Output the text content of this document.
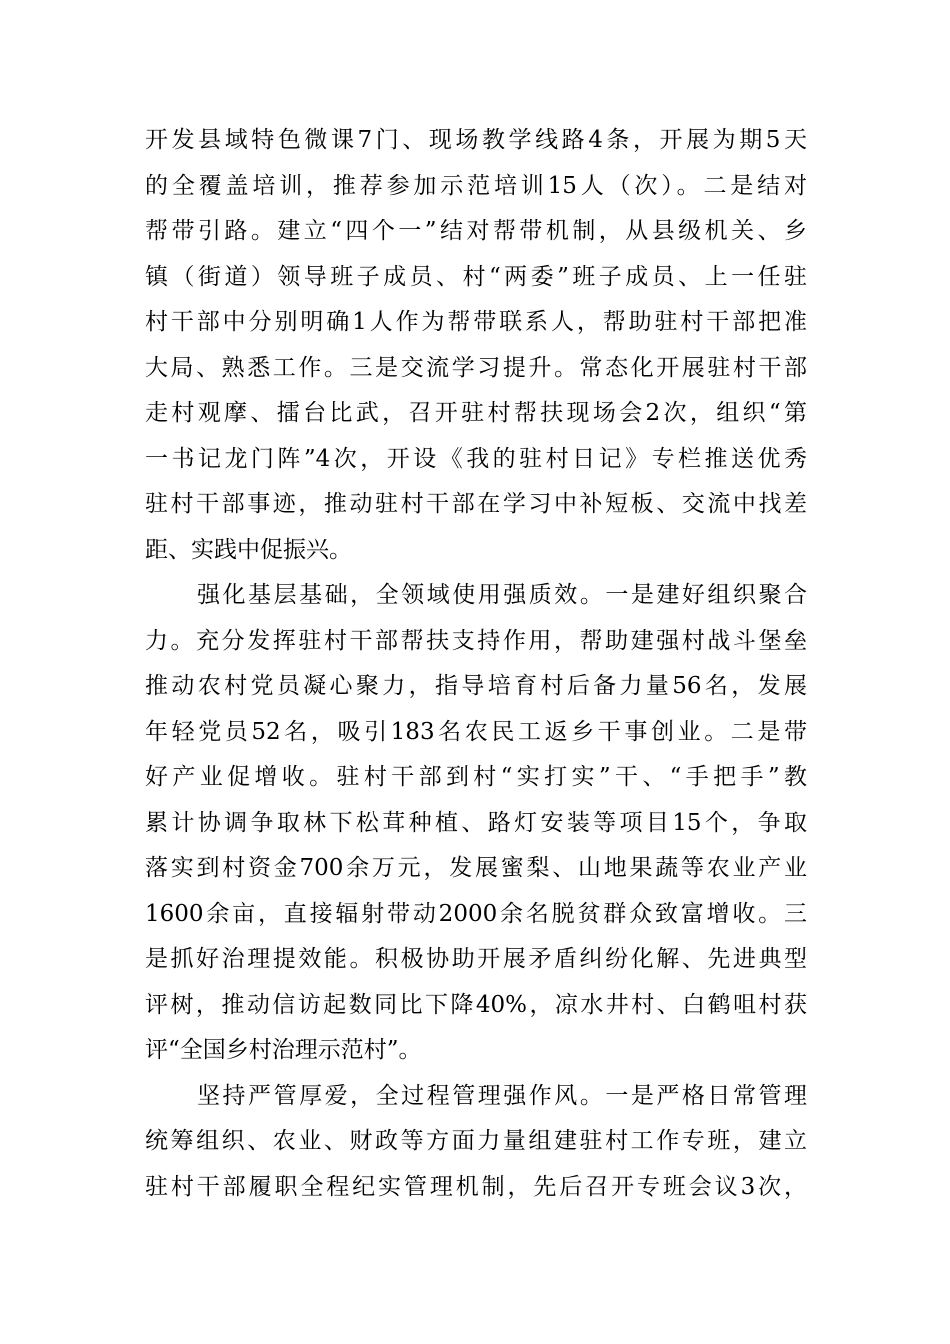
开发县域特色微课7门、现场教学线路4条，开展为期5天
的全覆盖培训，推荐参加示范培训15人（次）。二是结对
帮带引路。建立“四个一”结对帮带机制，从县级机关、乡
镇（街道）领导班子成员、村“两委”班子成员、上一任驻
村干部中分别明确1人作为帮带联系人，帮助驻村干部把准
大局、熟悉工作。三是交流学习提升。常态化开展驻村干部
走村观摩、擂台比武，召开驻村帮扶现场会2次，组织“第
一书记龙门阵”4次，开设《我的驻村日记》专栏推送优秀
驻村干部事迹，推动驻村干部在学习中补短板、交流中找差
距、实践中促振兴。
强化基层基础，全领域使用强质效。一是建好组织聚合
力。充分发挥驻村干部帮扶支持作用，帮助建强村战斗堡垒
推动农村党员凝心聚力，指导培育村后备力量56名，发展
年轻党员52名，吸引183名农民工返乡干事创业。二是带
好产业促增收。驻村干部到村“实打实”干、“手把手”教
累计协调争取林下松茸种植、路灯安装等项目15个，争取
落实到村资金700余万元，发展蜜梨、山地果蔬等农业产业
1600余亩，直接辐射带动2000余名脱贫群众致富增收。三
是抓好治理提效能。积极协助开展矛盾纠纷化解、先进典型
评树，推动信访起数同比下降40%，凉水井村、白鹤咀村获
评“全国乡村治理示范村”。
坚持严管厚爱，全过程管理强作风。一是严格日常管理
统筹组织、农业、财政等方面力量组建驻村工作专班，建立
驻村干部履职全程纪实管理机制，先后召开专班会议3次，
